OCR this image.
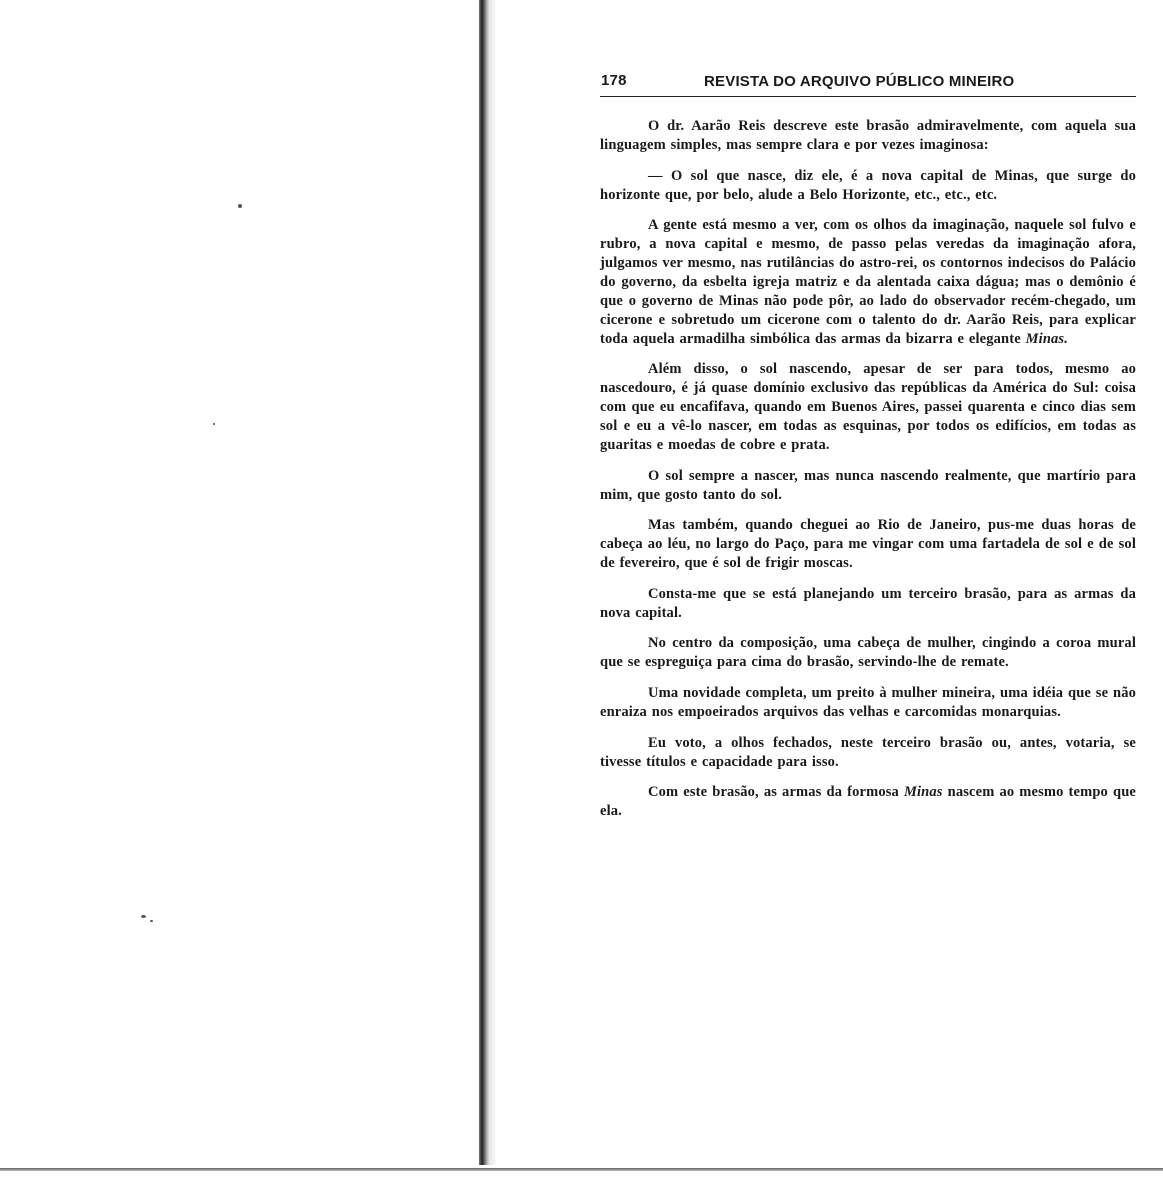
178	REVISTA DO ARQUIVO PÚBLICO MINEIRO

O dr. Aarão Reis descreve este brasão admiravelmente, com aquela sua linguagem simples, mas sempre clara e por vezes imaginosa:

— O sol que nasce, diz ele, é a nova capital de Minas, que surge do horizonte que, por belo, alude a Belo Horizonte, etc., etc., etc.

A gente está mesmo a ver, com os olhos da imaginação, naquele sol fulvo e rubro, a nova capital e mesmo, de passo pelas veredas da imaginação afora, julgamos ver mesmo, nas rutilâncias do astro-rei, os contornos indecisos do Palácio do governo, da esbelta igreja matriz e da alentada caixa dágua; mas o demônio é que o governo de Minas não pode pôr, ao lado do observador recém-chegado, um cicerone e sobretudo um cicerone com o talento do dr. Aarão Reis, para explicar toda aquela armadilha simbólica das armas da bizarra e elegante Minas.

Além disso, o sol nascendo, apesar de ser para todos, mesmo ao nascedouro, é já quase domínio exclusivo das repúblicas da América do Sul: coisa com que eu encafifava, quando em Buenos Aires, passei quarenta e cinco dias sem sol e eu a vê-lo nascer, em todas as esquinas, por todos os edifícios, em todas as guaritas e moedas de cobre e prata.

O sol sempre a nascer, mas nunca nascendo realmente, que martírio para mim, que gosto tanto do sol.

Mas também, quando cheguei ao Rio de Janeiro, pus-me duas horas de cabeça ao léu, no largo do Paço, para me vingar com uma fartadela de sol e de sol de fevereiro, que é sol de frigir moscas.

Consta-me que se está planejando um terceiro brasão, para as armas da nova capital.

No centro da composição, uma cabeça de mulher, cingindo a coroa mural que se espreguiça para cima do brasão, servindo-lhe de remate.

Uma novidade completa, um preito à mulher mineira, uma idéia que se não enraiza nos empoeirados arquivos das velhas e carcomidas monarquias.

Eu voto, a olhos fechados, neste terceiro brasão ou, antes, votaria, se tivesse títulos e capacidade para isso.

Com este brasão, as armas da formosa Minas nascem ao mesmo tempo que ela.
